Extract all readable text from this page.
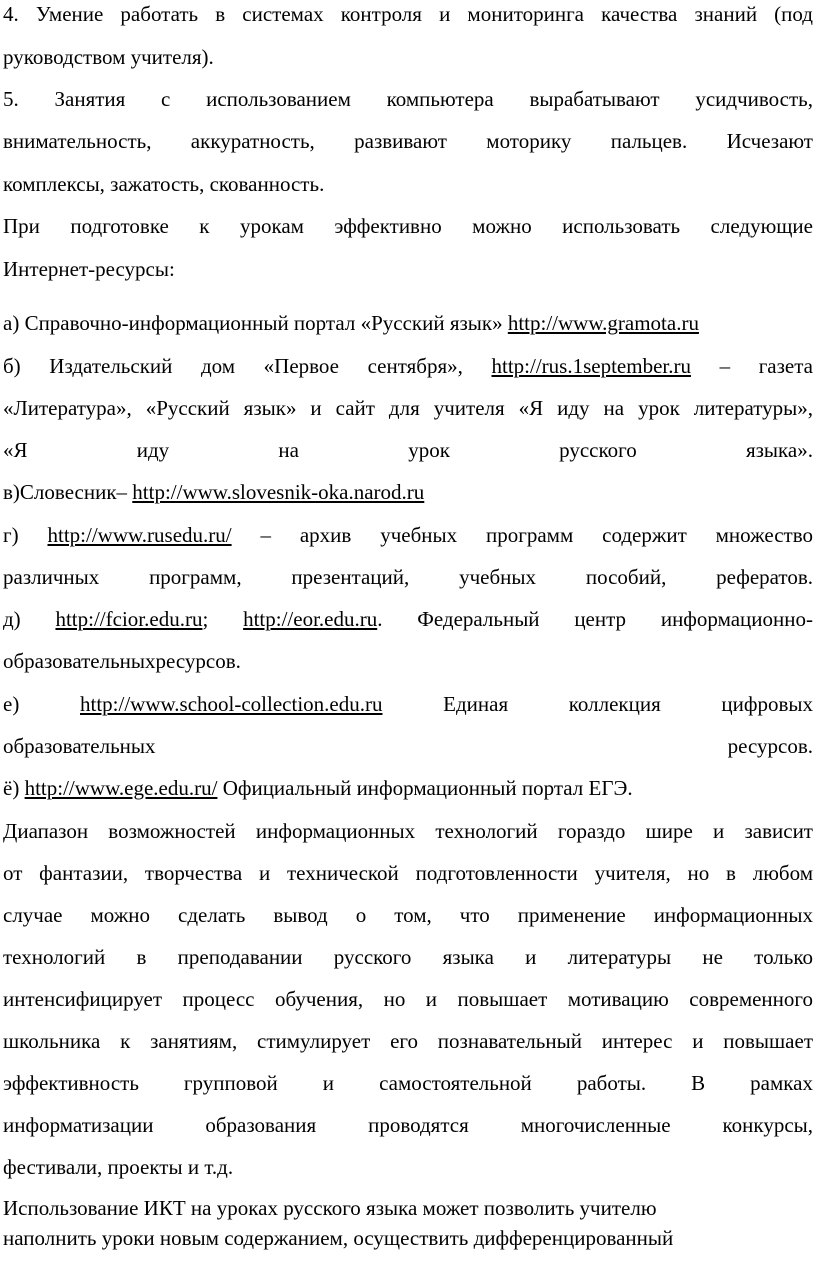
4. Умение работать в системах контроля и мониторинга качества знаний (под
руководством учителя).
5. Занятия с использованием компьютера вырабатывают усидчивость,
внимательность, аккуратность, развивают моторику пальцев. Исчезают
комплексы, зажатость, скованность.
При подготовке к урокам эффективно можно использовать следующие
Интернет-ресурсы:
а) Справочно-информационный портал «Русский язык» http://www.gramota.ru
б) Издательский дом «Первое сентября», http://rus.1september.ru – газета
«Литература», «Русский язык» и сайт для учителя «Я иду на урок литературы»,
«Я иду на урок русского языка».
в)Словесник– http://www.slovesnik-oka.narod.ru
г) http://www.rusedu.ru/ – архив учебных программ содержит множество
различных программ, презентаций, учебных пособий, рефератов.
д) http://fcior.edu.ru; http://eor.edu.ru. Федеральный центр информационно-
образовательныхресурсов.
е)	http://www.school-collection.edu.ru	Единая коллекция цифровых
образовательных ресурсов.
ё) http://www.ege.edu.ru/ Официальный информационный портал ЕГЭ.
Диапазон возможностей информационных технологий гораздо шире и зависит
от фантазии, творчества и технической подготовленности учителя, но в любом
случае можно сделать вывод о том, что применение информационных
технологий в преподавании русского языка и литературы не только
интенсифицирует процесс обучения, но и повышает мотивацию современного
школьника к занятиям, стимулирует его познавательный интерес и повышает
эффективность групповой и самостоятельной работы. В рамках
информатизации образования проводятся многочисленные конкурсы,
фестивали, проекты и т.д.
Использование ИКТ на уроках русского языка может позволить учителю
наполнить уроки новым содержанием, осуществить дифференцированный
